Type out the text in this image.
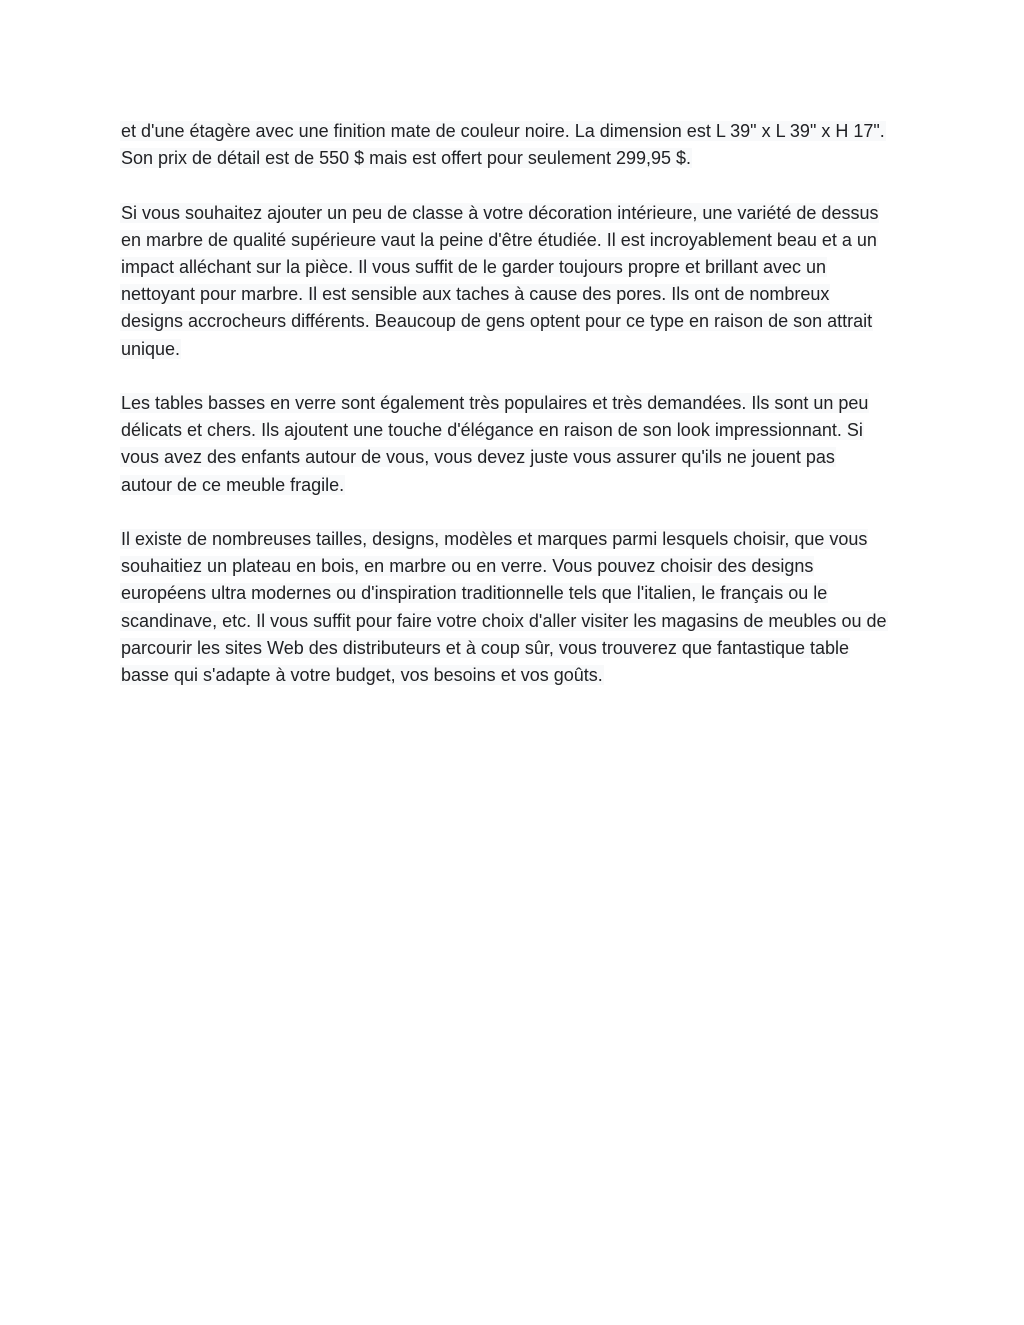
et d'une étagère avec une finition mate de couleur noire. La dimension est L 39" x L 39" x H 17".
Son prix de détail est de 550 $ mais est offert pour seulement 299,95 $.

Si vous souhaitez ajouter un peu de classe à votre décoration intérieure, une variété de dessus
en marbre de qualité supérieure vaut la peine d'être étudiée. Il est incroyablement beau et a un
impact alléchant sur la pièce. Il vous suffit de le garder toujours propre et brillant avec un
nettoyant pour marbre. Il est sensible aux taches à cause des pores. Ils ont de nombreux
designs accrocheurs différents. Beaucoup de gens optent pour ce type en raison de son attrait
unique.

Les tables basses en verre sont également très populaires et très demandées. Ils sont un peu
délicats et chers. Ils ajoutent une touche d'élégance en raison de son look impressionnant. Si
vous avez des enfants autour de vous, vous devez juste vous assurer qu'ils ne jouent pas
autour de ce meuble fragile.

Il existe de nombreuses tailles, designs, modèles et marques parmi lesquels choisir, que vous
souhaitiez un plateau en bois, en marbre ou en verre. Vous pouvez choisir des designs
européens ultra modernes ou d'inspiration traditionnelle tels que l'italien, le français ou le
scandinave, etc. Il vous suffit pour faire votre choix d'aller visiter les magasins de meubles ou de
parcourir les sites Web des distributeurs et à coup sûr, vous trouverez que fantastique table
basse qui s'adapte à votre budget, vos besoins et vos goûts.
